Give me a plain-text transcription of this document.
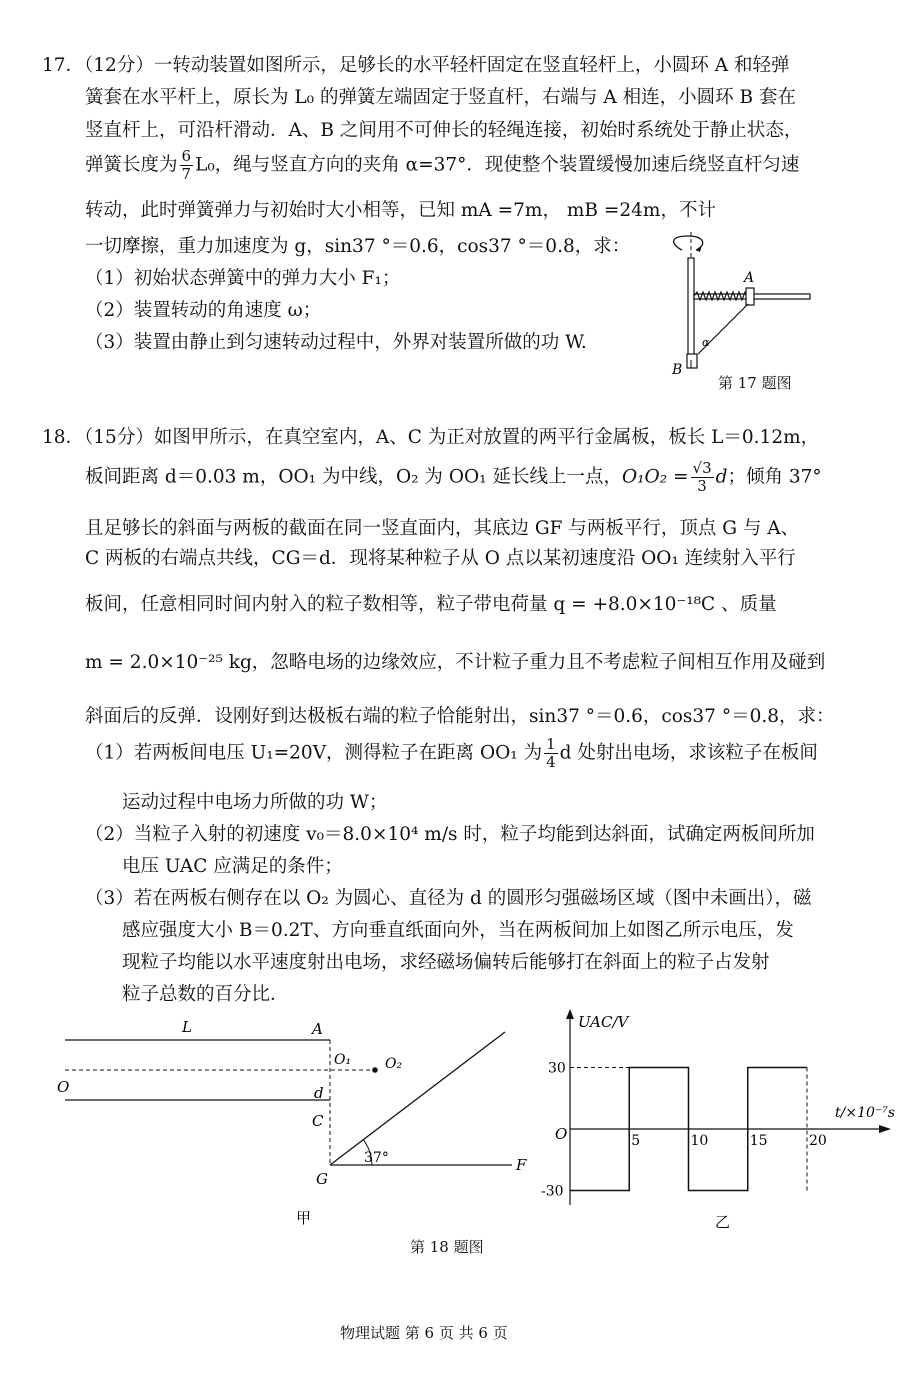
17．（12分）一转动装置如图所示，足够长的水平轻杆固定在竖直轻杆上，小圆环 A 和轻弹
簧套在水平杆上，原长为 L₀ 的弹簧左端固定于竖直杆，右端与 A 相连，小圆环 B 套在
竖直杆上，可沿杆滑动．A、B 之间用不可伸长的轻绳连接，初始时系统处于静止状态，
弹簧长度为 $\frac{6}{7} L_0$，绳与竖直方向的夹角 α=37°．现使整个装置缓慢加速后绕竖直杆匀速
转动，此时弹簧弹力与初始时大小相等，已知 mA =7m， mB =24m，不计
一切摩擦，重力加速度为 g，sin37 °＝0.6，cos37 °＝0.8，求：
（1）初始状态弹簧中的弹力大小 F₁；
（2）装置转动的角速度 ω；
（3）装置由静止到匀速转动过程中，外界对装置所做的功 W.
A
B
α
第 17 题图
18．（15分）如图甲所示，在真空室内，A、C 为正对放置的两平行金属板，板长 L＝0.12m，
板间距离 d＝0.03 m，OO₁ 为中线，O₂ 为 OO₁ 延长线上一点，$O_1O_2 = \frac{√3}{3}$ d；倾角 37°
且足够长的斜面与两板的截面在同一竖直面内，其底边 GF 与两板平行，顶点 G 与 A、
C 两板的右端点共线，CG＝d．现将某种粒子从 O 点以某初速度沿 OO₁ 连续射入平行
板间，任意相同时间内射入的粒子数相等，粒子带电荷量 q = +8.0×10⁻¹⁸C 、质量
m = 2.0×10⁻²⁵ kg，忽略电场的边缘效应，不计粒子重力且不考虑粒子间相互作用及碰到
斜面后的反弹．设刚好到达极板右端的粒子恰能射出，sin37 °＝0.6，cos37 °＝0.8，求：
（1）若两板间电压 U₁=20V，测得粒子在距离 OO₁ 为 $\frac{1}{4}$ d 处射出电场，求该粒子在板间
运动过程中电场力所做的功 W；
（2）当粒子入射的初速度 v₀＝8.0×10⁴ m/s 时，粒子均能到达斜面，试确定两板间所加
电压 UAC 应满足的条件；
（3）若在两板右侧存在以 O₂ 为圆心、直径为 d 的圆形匀强磁场区域（图中未画出），磁
感应强度大小 B＝0.2T、方向垂直纸面向外，当在两板间加上如图乙所示电压，发
现粒子均能以水平速度射出电场，求经磁场偏转后能够打在斜面上的粒子占发射
粒子总数的百分比．
L	A
O₁ O₂
O	d
C
G
F
37°
甲
UAC/V
t/×10⁻⁷s
O
30
-30
5	10	15	20
乙
第 18 题图
物理试题 第 6 页 共 6 页
